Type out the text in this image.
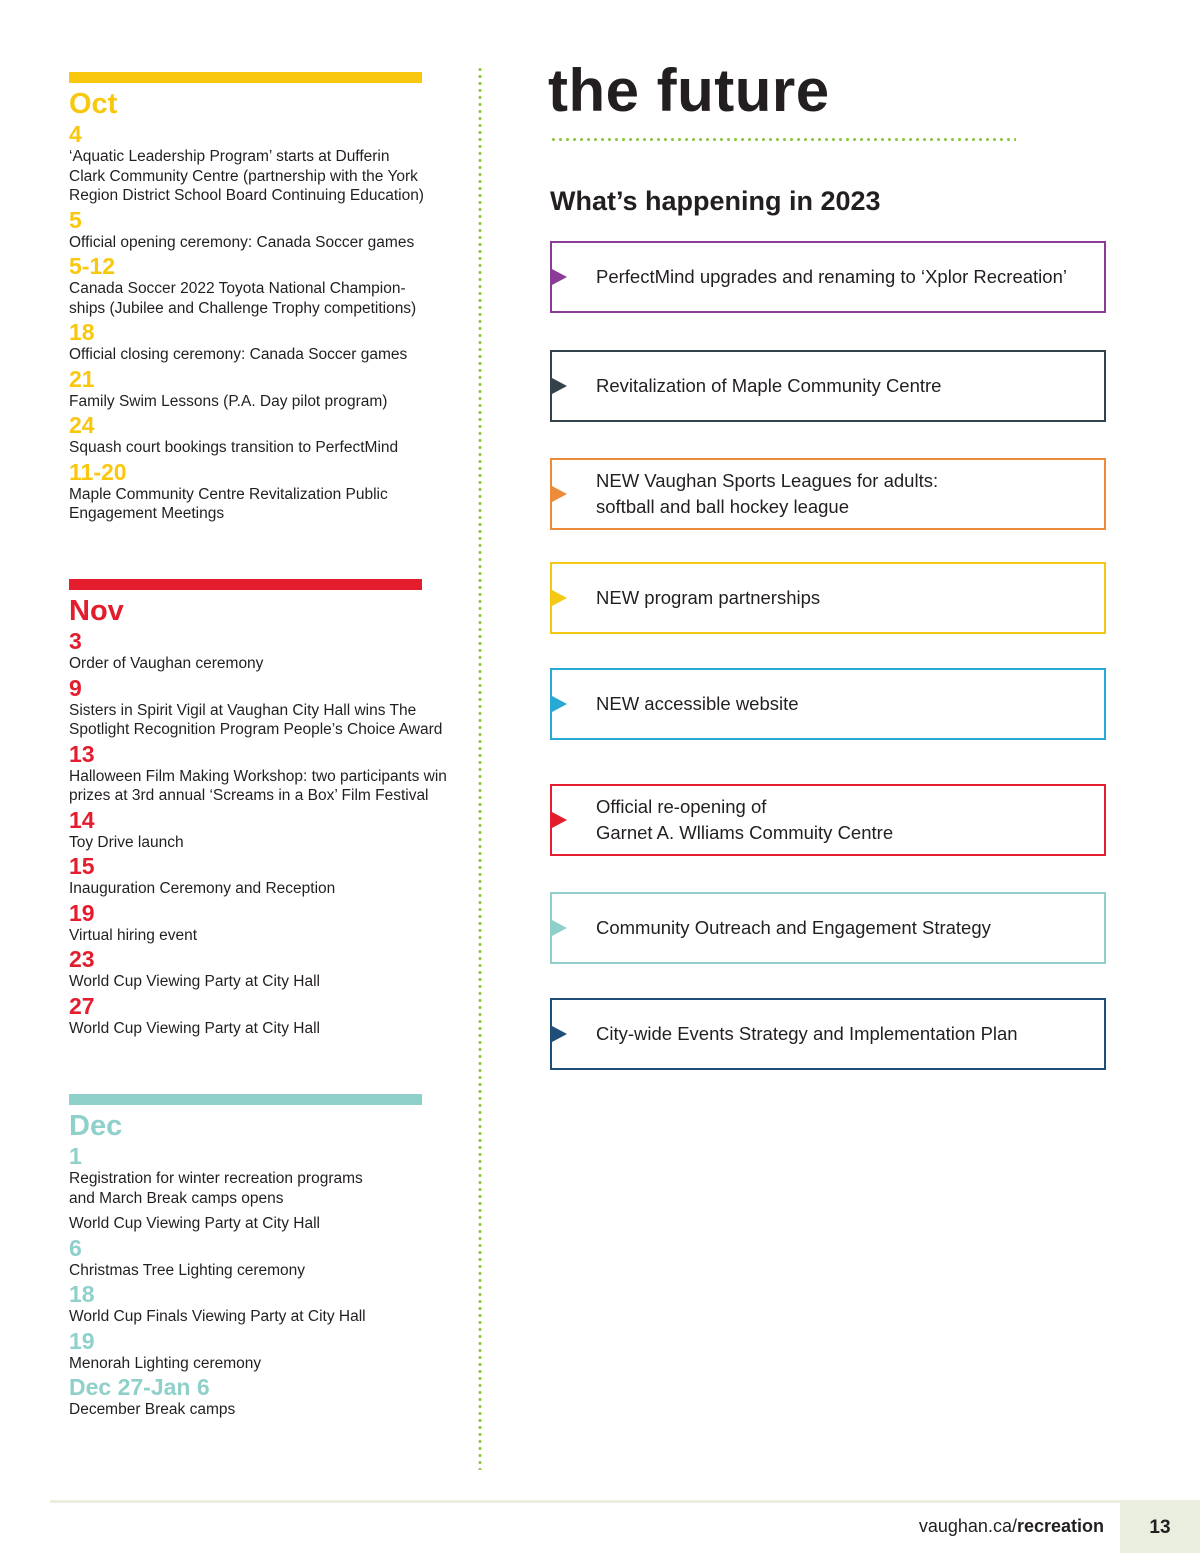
Oct
4
‘Aquatic Leadership Program’ starts at Dufferin
Clark Community Centre (partnership with the York
Region District School Board Continuing Education)
5
Official opening ceremony: Canada Soccer games
5-12
Canada Soccer 2022 Toyota National Champion-
ships (Jubilee and Challenge Trophy competitions)
18
Official closing ceremony: Canada Soccer games
21
Family Swim Lessons (P.A. Day pilot program)
24
Squash court bookings transition to PerfectMind
11-20
Maple Community Centre Revitalization Public
Engagement Meetings
Nov
3
Order of Vaughan ceremony
9
Sisters in Spirit Vigil at Vaughan City Hall wins The
Spotlight Recognition Program People’s Choice Award
13
Halloween Film Making Workshop: two participants win
prizes at 3rd annual ‘Screams in a Box’ Film Festival
14
Toy Drive launch
15
Inauguration Ceremony and Reception
19
Virtual hiring event
23
World Cup Viewing Party at City Hall
27
World Cup Viewing Party at City Hall
Dec
1
Registration for winter recreation programs
and March Break camps opens
World Cup Viewing Party at City Hall
6
Christmas Tree Lighting ceremony
18
World Cup Finals Viewing Party at City Hall
19
Menorah Lighting ceremony
Dec 27-Jan 6
December Break camps
the future
What’s happening in 2023
PerfectMind upgrades and renaming to ‘Xplor Recreation’
Revitalization of Maple Community Centre
NEW Vaughan Sports Leagues for adults:
softball and ball hockey league
NEW program partnerships
NEW accessible website
Official re-opening of
Garnet A. Wlliams Commuity Centre
Community Outreach and Engagement Strategy
City-wide Events Strategy and Implementation Plan
vaughan.ca/recreation	13
